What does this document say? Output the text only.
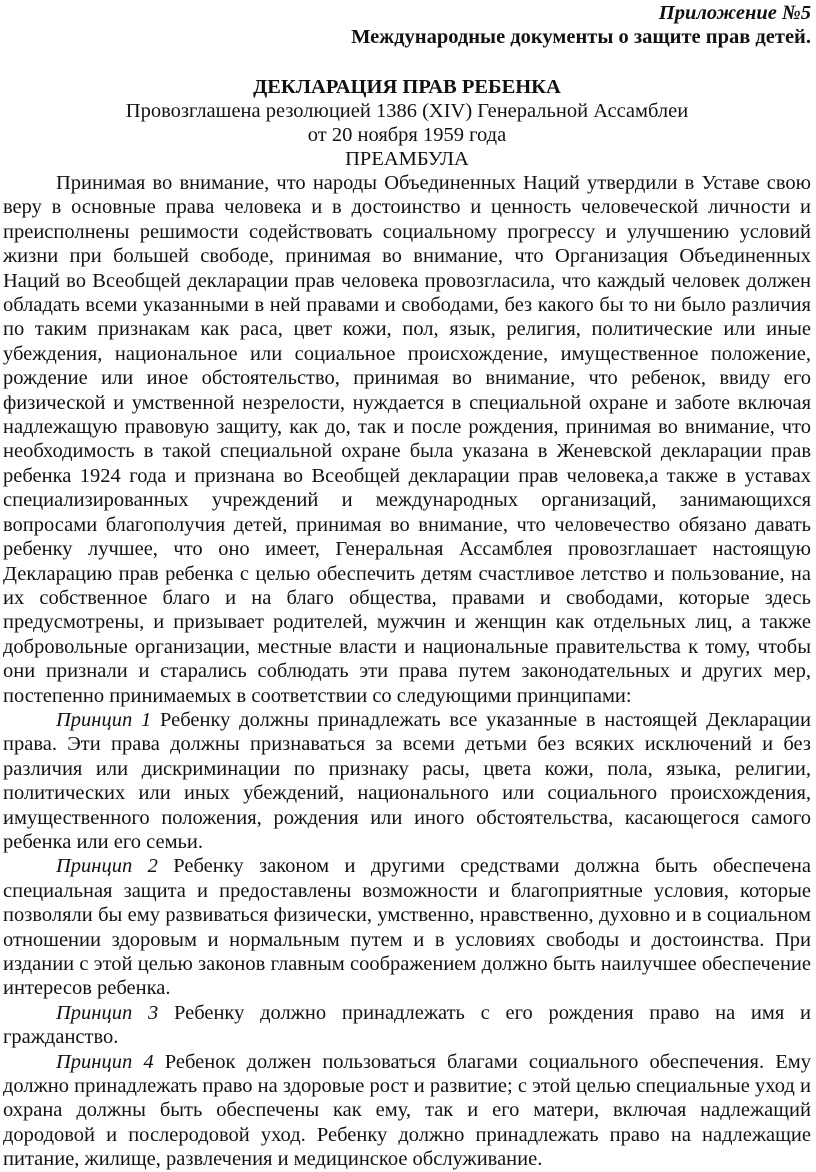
Приложение №5
Международные документы о защите прав детей.
ДЕКЛАРАЦИЯ ПРАВ РЕБЕНКА
Провозглашена резолюцией 1386 (XIV) Генеральной Ассамблеи
от 20 ноября 1959 года
ПРЕАМБУЛА

Принимая во внимание, что народы Объединенных Наций утвердили в Уставе свою веру в основные права человека и в достоинство и ценность человеческой личности и преисполнены решимости содействовать социальному прогрессу и улучшению условий жизни при большей свободе, принимая во внимание, что Организация Объединенных Наций во Всеобщей декларации прав человека провозгласила, что каждый человек должен обладать всеми указанными в ней правами и свободами, без какого бы то ни было различия по таким признакам как раса, цвет кожи, пол, язык, религия, политические или иные убеждения, национальное или социальное происхождение, имущественное положение, рождение или иное обстоятельство, принимая во внимание, что ребенок, ввиду его физической и умственной незрелости, нуждается в специальной охране и заботе включая надлежащую правовую защиту, как до, так и после рождения, принимая во внимание, что необходимость в такой специальной охране была указана в Женевской декларации прав ребенка 1924 года и признана во Всеобщей декларации прав человека,а также в уставах специализированных учреждений и международных организаций, занимающихся вопросами благополучия детей, принимая во внимание, что человечество обязано давать ребенку лучшее, что оно имеет, Генеральная Ассамблея провозглашает настоящую Декларацию прав ребенка с целью обеспечить детям счастливое летство и пользование, на их собственное благо и на благо общества, правами и свободами, которые здесь предусмотрены, и призывает родителей, мужчин и женщин как отдельных лиц, а также добровольные организации, местные власти и национальные правительства к тому, чтобы они признали и старались соблюдать эти права путем законодательных и других мер, постепенно принимаемых в соответствии со следующими принципами:

Принцип 1 Ребенку должны принадлежать все указанные в настоящей Декларации права. Эти права должны признаваться за всеми детьми без всяких исключений и без различия или дискриминации по признаку расы, цвета кожи, пола, языка, религии, политических или иных убеждений, национального или социального происхождения, имущественного положения, рождения или иного обстоятельства, касающегося самого ребенка или его семьи.

Принцип 2 Ребенку законом и другими средствами должна быть обеспечена специальная защита и предоставлены возможности и благоприятные условия, которые позволяли бы ему развиваться физически, умственно, нравственно, духовно и в социальном отношении здоровым и нормальным путем и в условиях свободы и достоинства. При издании с этой целью законов главным соображением должно быть наилучшее обеспечение интересов ребенка.

Принцип 3 Ребенку должно принадлежать с его рождения право на имя и гражданство.

Принцип 4 Ребенок должен пользоваться благами социального обеспечения. Ему должно принадлежать право на здоровые рост и развитие; с этой целью специальные уход и охрана должны быть обеспечены как ему, так и его матери, включая надлежащий дородовой и послеродовой уход. Ребенку должно принадлежать право на надлежащие питание, жилище, развлечения и медицинское обслуживание.
